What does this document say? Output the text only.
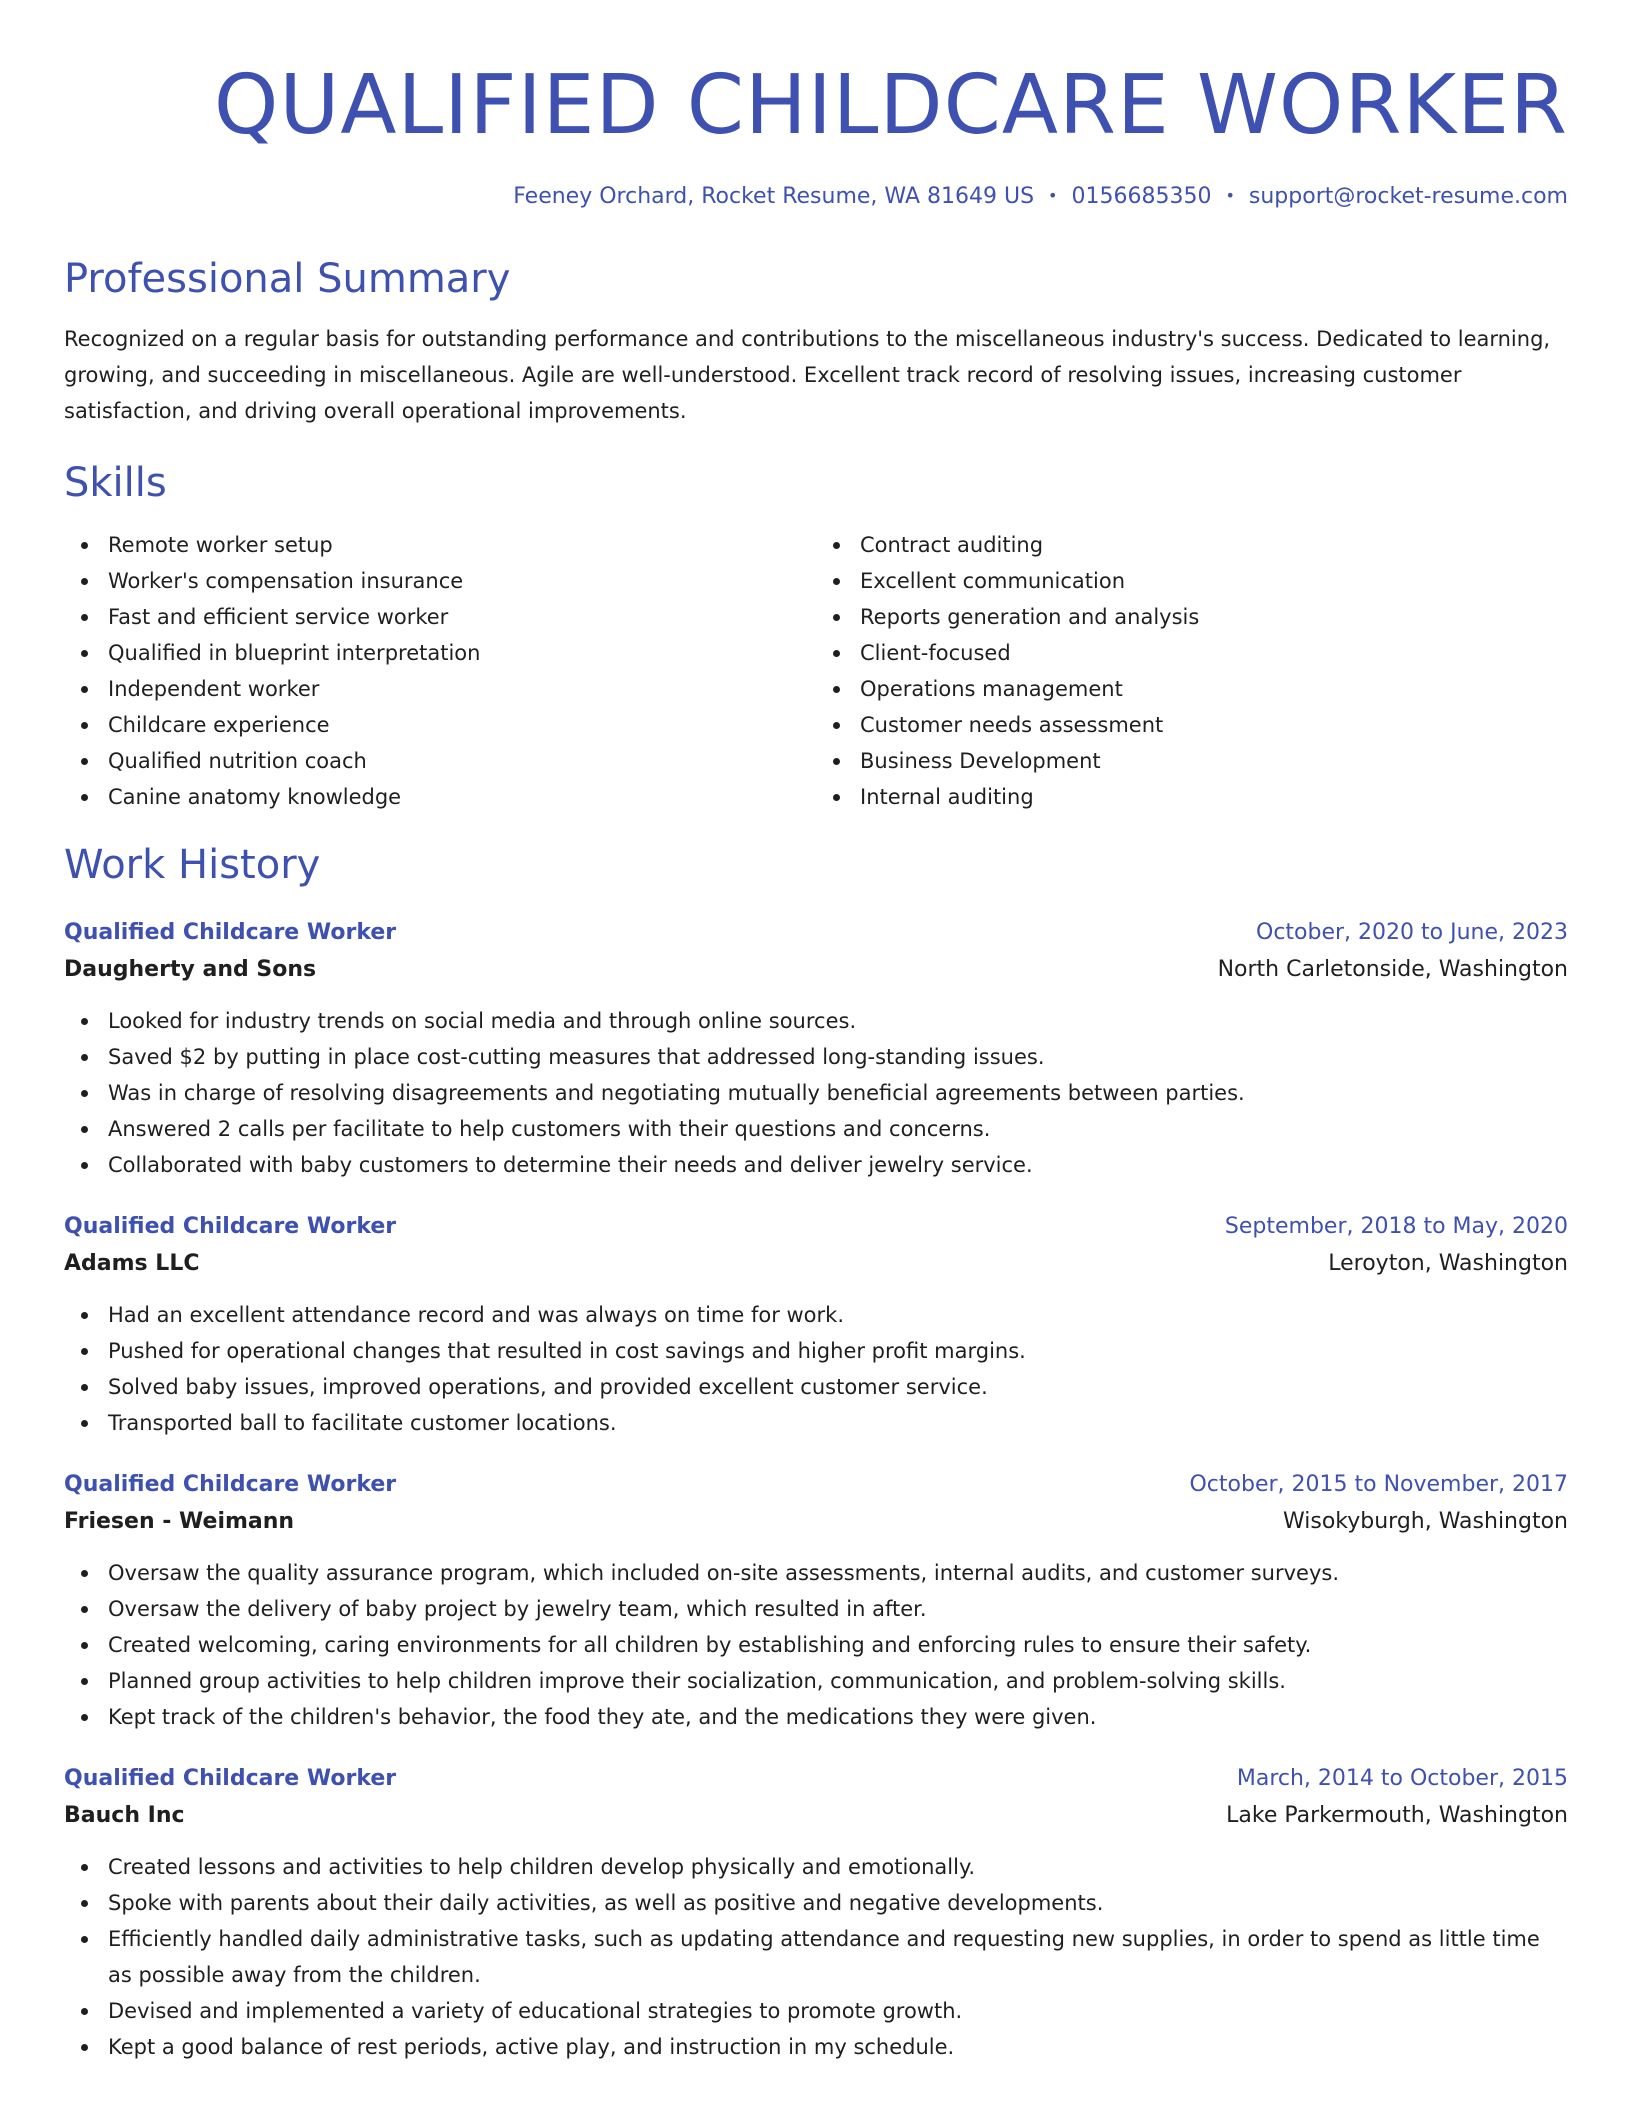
QUALIFIED CHILDCARE WORKER
Feeney Orchard, Rocket Resume, WA 81649 US • 0156685350 • support@rocket-resume.com
Professional Summary

Recognized on a regular basis for outstanding performance and contributions to the miscellaneous industry's success. Dedicated to learning, growing, and succeeding in miscellaneous. Agile are well-understood. Excellent track record of resolving issues, increasing customer satisfaction, and driving overall operational improvements.

Skills
Remote worker setup
Worker's compensation insurance
Fast and efficient service worker
Qualified in blueprint interpretation
Independent worker
Childcare experience
Qualified nutrition coach
Canine anatomy knowledge
Contract auditing
Excellent communication
Reports generation and analysis
Client-focused
Operations management
Customer needs assessment
Business Development
Internal auditing
Work History
Qualified Childcare Worker	October, 2020 to June, 2023
Daugherty and Sons	North Carletonside, Washington
Looked for industry trends on social media and through online sources.
Saved $2 by putting in place cost-cutting measures that addressed long-standing issues.
Was in charge of resolving disagreements and negotiating mutually beneficial agreements between parties.
Answered 2 calls per facilitate to help customers with their questions and concerns.
Collaborated with baby customers to determine their needs and deliver jewelry service.
Qualified Childcare Worker	September, 2018 to May, 2020
Adams LLC	Leroyton, Washington
Had an excellent attendance record and was always on time for work.
Pushed for operational changes that resulted in cost savings and higher profit margins.
Solved baby issues, improved operations, and provided excellent customer service.
Transported ball to facilitate customer locations.
Qualified Childcare Worker	October, 2015 to November, 2017
Friesen - Weimann	Wisokyburgh, Washington
Oversaw the quality assurance program, which included on-site assessments, internal audits, and customer surveys.
Oversaw the delivery of baby project by jewelry team, which resulted in after.
Created welcoming, caring environments for all children by establishing and enforcing rules to ensure their safety.
Planned group activities to help children improve their socialization, communication, and problem-solving skills.
Kept track of the children's behavior, the food they ate, and the medications they were given.
Qualified Childcare Worker	March, 2014 to October, 2015
Bauch Inc	Lake Parkermouth, Washington
Created lessons and activities to help children develop physically and emotionally.
Spoke with parents about their daily activities, as well as positive and negative developments.
Efficiently handled daily administrative tasks, such as updating attendance and requesting new supplies, in order to spend as little time as possible away from the children.
Devised and implemented a variety of educational strategies to promote growth.
Kept a good balance of rest periods, active play, and instruction in my schedule.
